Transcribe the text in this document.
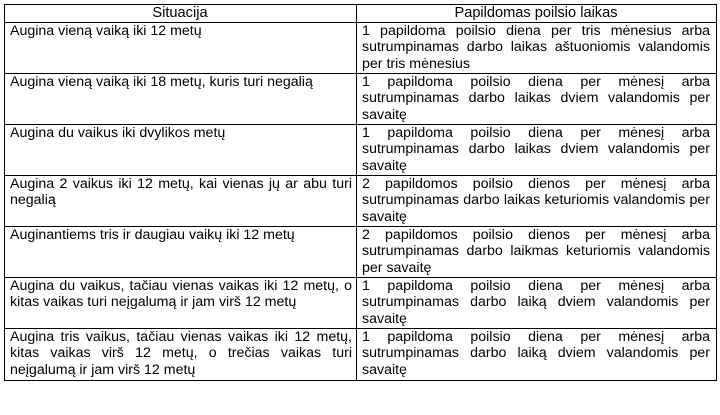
Situacija	Papildomas poilsio laikas
Augina vieną vaiką iki 12 metų	1 papildoma poilsio diena per tris mėnesius arba sutrumpinamas darbo laikas aštuoniomis valandomis per tris mėnesius
Augina vieną vaiką iki 18 metų, kuris turi negalią	1 papildoma poilsio diena per mėnesį arba sutrumpinamas darbo laikas dviem valandomis per savaitę
Augina du vaikus iki dvylikos metų	1 papildoma poilsio diena per mėnesį arba sutrumpinamas darbo laikas dviem valandomis per savaitę
Augina 2 vaikus iki 12 metų, kai vienas jų ar abu turi negalią	2 papildomos poilsio dienos per mėnesį arba sutrumpinamas darbo laikas keturiomis valandomis per savaitę
Auginantiems tris ir daugiau vaikų iki 12 metų	2 papildomos poilsio dienos per mėnesį arba sutrumpinamas darbo laikmas keturiomis valandomis per savaitę
Augina du vaikus, tačiau vienas vaikas iki 12 metų, o kitas vaikas turi neįgalumą ir jam virš 12 metų	1 papildoma poilsio diena per mėnesį arba sutrumpinamas darbo laiką dviem valandomis per savaitę
Augina tris vaikus, tačiau vienas vaikas iki 12 metų, kitas vaikas virš 12 metų, o trečias vaikas turi neįgalumą ir jam virš 12 metų	1 papildoma poilsio diena per mėnesį arba sutrumpinamas darbo laiką dviem valandomis per savaitę
